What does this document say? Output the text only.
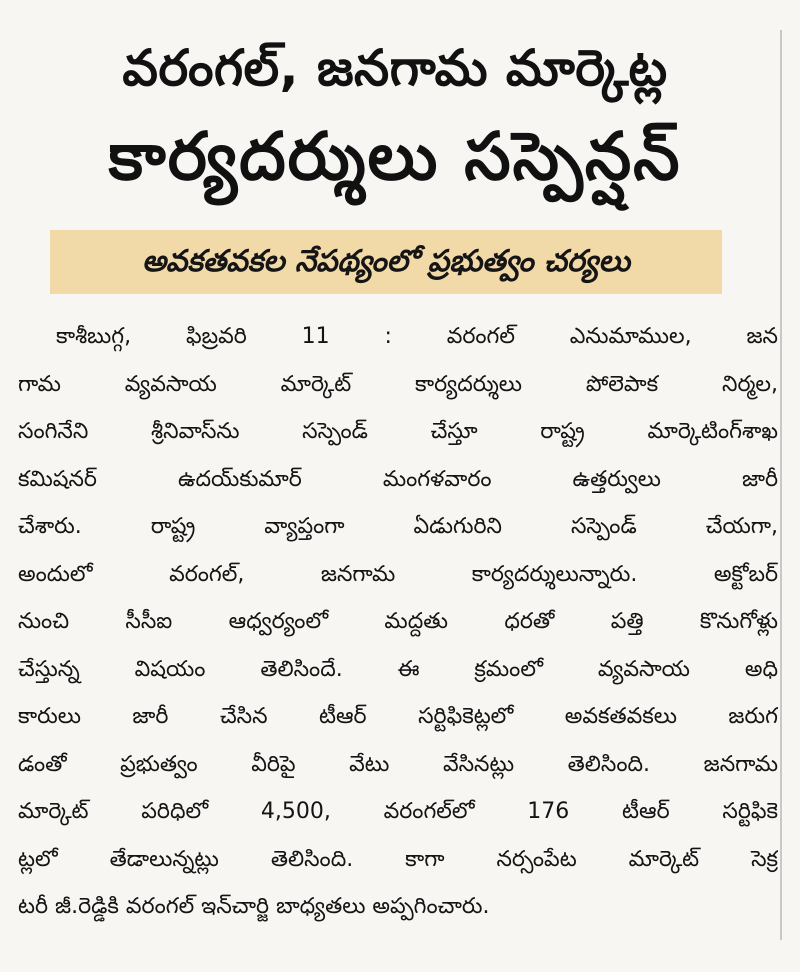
వరంగల్, జనగామ మార్కెట్ల
కార్యదర్శులు సస్పెన్షన్
అవకతవకల నేపథ్యంలో ప్రభుత్వం చర్యలు
కాశీబుగ్గ, ఫిబ్రవరి 11 : వరంగల్ ఎనుమాముల, జన
గామ వ్యవసాయ మార్కెట్ కార్యదర్శులు పోలెపాక నిర్మల,
సంగినేని శ్రీనివాస్‌ను సస్పెండ్ చేస్తూ రాష్ట్ర మార్కెటింగ్‌శాఖ
కమిషనర్ ఉదయ్‌కుమార్ మంగళవారం ఉత్తర్వులు జారీ
చేశారు. రాష్ట్ర వ్యాప్తంగా ఏడుగురిని సస్పెండ్ చేయగా,
అందులో వరంగల్, జనగామ కార్యదర్శులున్నారు. అక్టోబర్
నుంచి సీసీఐ ఆధ్వర్యంలో మద్దతు ధరతో పత్తి కొనుగోళ్లు
చేస్తున్న విషయం తెలిసిందే. ఈ క్రమంలో వ్యవసాయ అధి
కారులు జారీ చేసిన టీఆర్ సర్టిఫికెట్లలో అవకతవకలు జరుగ
డంతో ప్రభుత్వం వీరిపై వేటు వేసినట్లు తెలిసింది. జనగామ
మార్కెట్ పరిధిలో 4,500, వరంగల్‌లో 176 టీఆర్ సర్టిఫికె
ట్లలో తేడాలున్నట్లు తెలిసింది. కాగా నర్సంపేట మార్కెట్ సెక్ర
టరీ జీ.రెడ్డికి వరంగల్ ఇన్‌చార్జి బాధ్యతలు అప్పగించారు.
